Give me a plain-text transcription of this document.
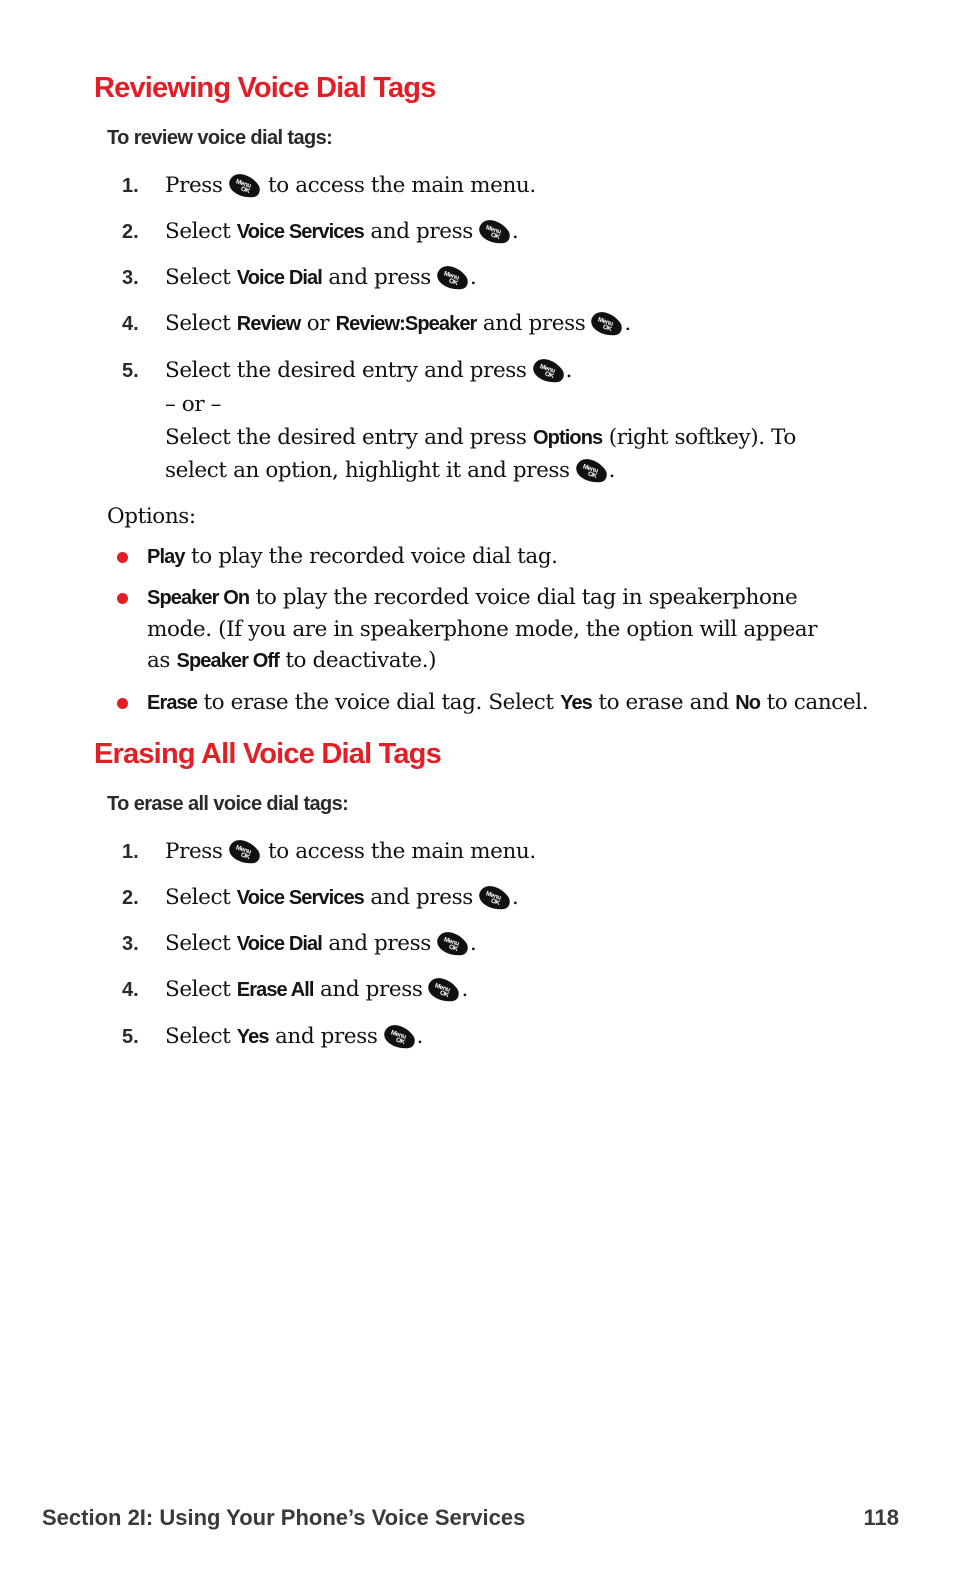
Reviewing Voice Dial Tags
To review voice dial tags:
1.	Press to access the main menu.
2.	Select Voice Services and press .
3.	Select Voice Dial and press .
4.	Select Review or Review:Speaker and press .
5.	Select the desired entry and press .
– or –
Select the desired entry and press Options (right softkey). To
select an option, highlight it and press .
Options:
Play to play the recorded voice dial tag.
Speaker On to play the recorded voice dial tag in speakerphone
mode. (If you are in speakerphone mode, the option will appear
as Speaker Off to deactivate.)
Erase to erase the voice dial tag. Select Yes to erase and No to cancel.
Erasing All Voice Dial Tags
To erase all voice dial tags:
1.	Press to access the main menu.
2.	Select Voice Services and press .
3.	Select Voice Dial and press .
4.	Select Erase All and press .
5.	Select Yes and press .
Section 2I: Using Your Phone’s Voice Services	118
